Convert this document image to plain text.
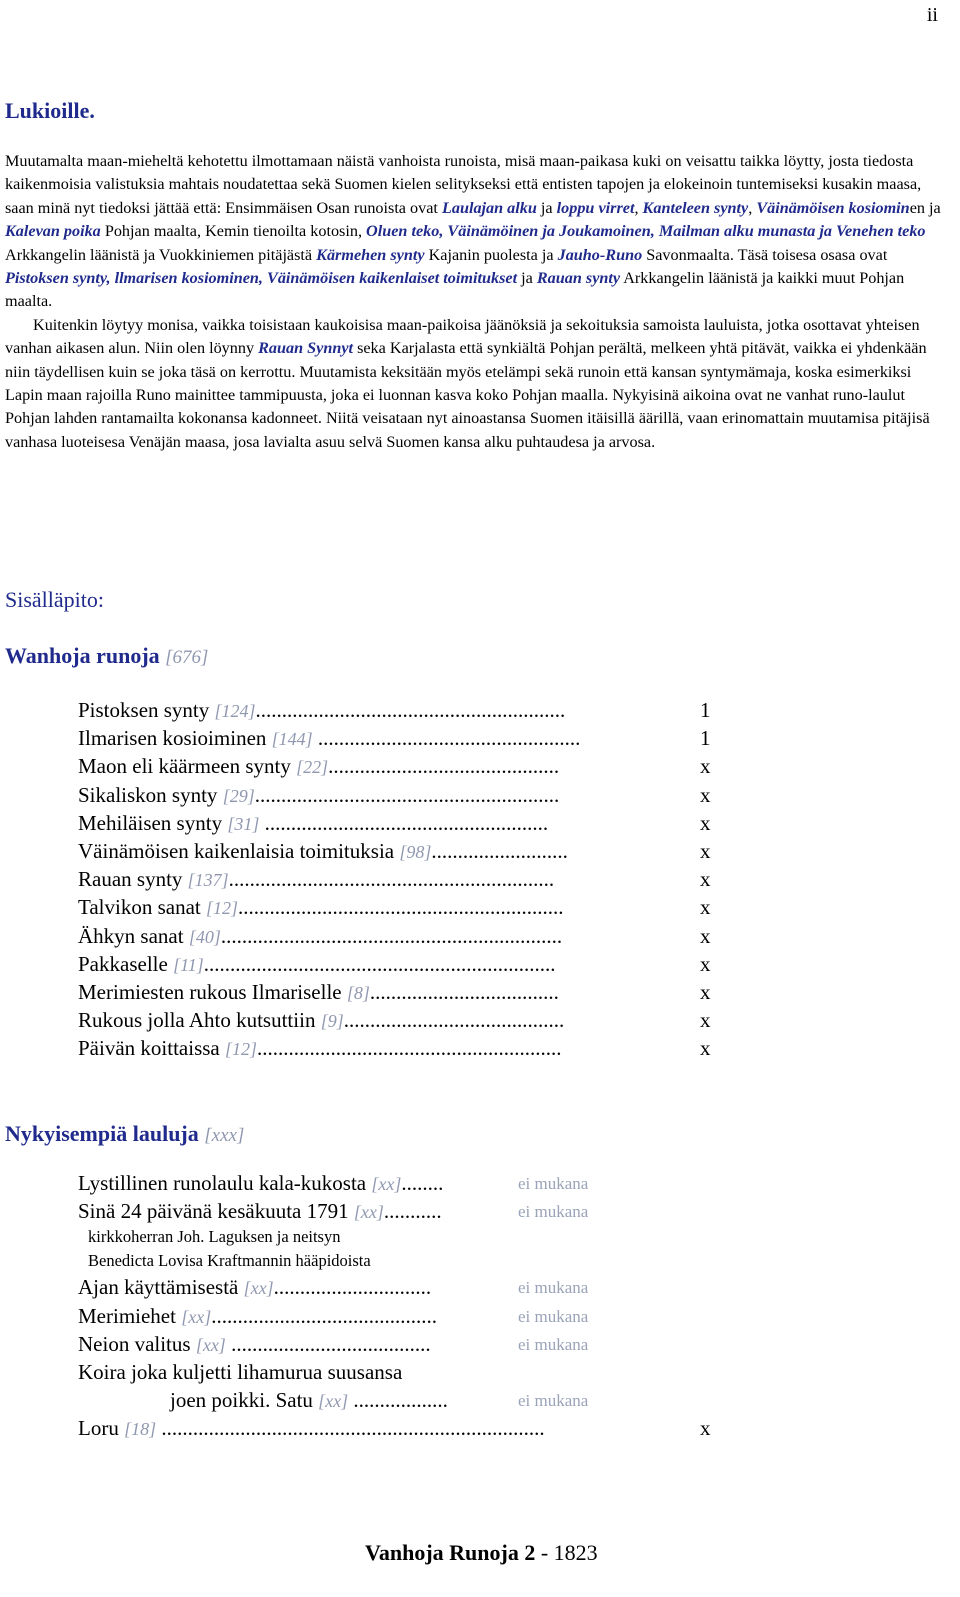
ii
Lukioille.

Muutamalta maan-mieheltä kehotettu ilmottamaan näistä vanhoista runoista, misä maan-paikasa kuki on veisattu taikka löytty, josta tiedosta kaikenmoisia valistuksia mahtais noudatettaa sekä Suomen kielen selitykseksi että entisten tapojen ja elokeinoin tuntemiseksi kusakin maasa, saan minä nyt tiedoksi jättää että: Ensimmäisen Osan runoista ovat Laulajan alku ja loppu virret, Kanteleen synty, Väinämöisen kosiominen ja Kalevan poika Pohjan maalta, Kemin tienoilta kotosin, Oluen teko, Väinämöinen ja Joukamoinen, Mailman alku munasta ja Venehen teko Arkkangelin läänistä ja Vuokkiniemen pitäjästä Kärmehen synty Kajanin puolesta ja Jauho-Runo Savonmaalta. Täsä toisesa osasa ovat Pistoksen synty, llmarisen kosiominen, Väinämöisen kaikenlaiset toimitukset ja Rauan synty Arkkangelin läänistä ja kaikki muut Pohjan maalta.

Kuitenkin löytyy monisa, vaikka toisistaan kaukoisisa maan-paikoisa jäänöksiä ja sekoituksia samoista lauluista, jotka osottavat yhteisen vanhan aikasen alun. Niin olen löynny Rauan Synnyt seka Karjalasta että synkiältä Pohjan perältä, melkeen yhtä pitävät, vaikka ei yhdenkään niin täydellisen kuin se joka täsä on kerrottu. Muutamista keksitään myös etelämpi sekä runoin että kansan syntymämaja, koska esimerkiksi Lapin maan rajoilla Runo mainittee tammipuusta, joka ei luonnan kasva koko Pohjan maalla. Nykyisinä aikoina ovat ne vanhat runo-laulut Pohjan lahden rantamailta kokonansa kadonneet. Niitä veisataan nyt ainoastansa Suomen itäisillä äärillä, vaan erinomattain muutamisa pitäjisä vanhasa luoteisesa Venäjän maasa, josa lavialta asuu selvä Suomen kansa alku puhtaudesa ja arvosa.

Sisälläpito:
Wanhoja runoja [676]
Pistoksen synty [124]...........................................................	1
Ilmarisen kosioiminen [144] ..................................................	1
Maon eli käärmeen synty [22]............................................	x
Sikaliskon synty [29]..........................................................	x
Mehiläisen synty [31] ......................................................	x
Väinämöisen kaikenlaisia toimituksia [98]..........................	x
Rauan synty [137]..............................................................	x
Talvikon sanat [12]..............................................................	x
Ähkyn sanat [40].................................................................	x
Pakkaselle [11]...................................................................	x
Merimiesten rukous Ilmariselle [8]....................................	x
Rukous jolla Ahto kutsuttiin [9]..........................................	x
Päivän koittaissa [12]..........................................................	x
Nykyisempiä lauluja [xxx]
Lystillinen runolaulu kala-kukosta [xx]........	ei mukana
Sinä 24 päivänä kesäkuuta 1791 [xx]...........	ei mukana
kirkkoherran Joh. Laguksen ja neitsyn
Benedicta Lovisa Kraftmannin hääpidoista
Ajan käyttämisestä [xx]..............................	ei mukana
Merimiehet [xx]...........................................	ei mukana
Neion valitus [xx] ......................................	ei mukana
Koira joka kuljetti lihamurua suusansa
joen poikki. Satu [xx] ..................	ei mukana
Loru [18] .........................................................................	x
Vanhoja Runoja 2 - 1823
